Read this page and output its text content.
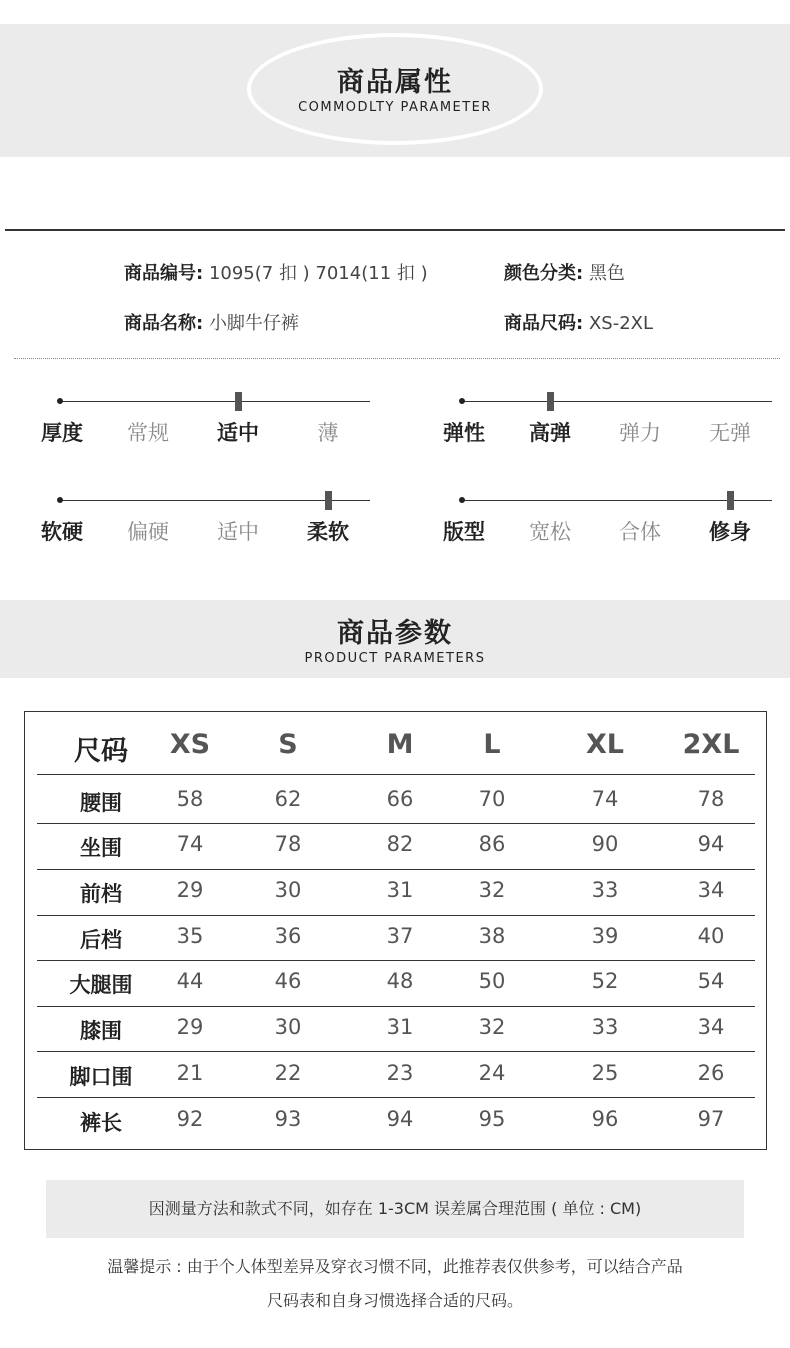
商品属性
COMMODLTY PARAMETER
商品编号: 1095(7 扣 ) 7014(11 扣 )	颜色分类: 黑色
商品名称: 小脚牛仔裤	商品尺码: XS-2XL
厚度	常规	适中	薄	弹性	高弹	弹力	无弹
软硬	偏硬	适中	柔软	版型	宽松	合体	修身
商品参数
PRODUCT PARAMETERS
尺码	XS	S	M	L	XL	2XL
腰围	58	62	66	70	74	78
坐围	74	78	82	86	90	94
前档	29	30	31	32	33	34
后档	35	36	37	38	39	40
大腿围	44	46	48	50	52	54
膝围	29	30	31	32	33	34
脚口围	21	22	23	24	25	26
裤长	92	93	94	95	96	97
因测量方法和款式不同，如存在 1-3CM 误差属合理范围 ( 单位 : CM)
温馨提示 : 由于个人体型差异及穿衣习惯不同，此推荐表仅供参考，可以结合产品
尺码表和自身习惯选择合适的尺码。
